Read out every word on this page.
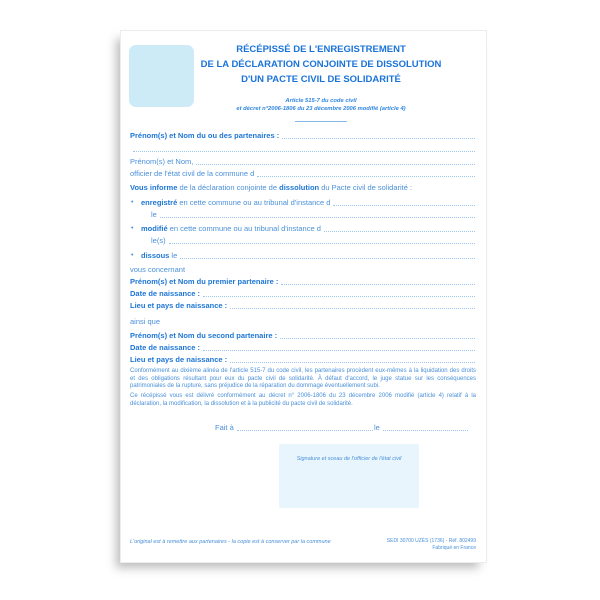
RÉCÉPISSÉ DE L'ENREGISTREMENT
DE LA DÉCLARATION CONJOINTE DE DISSOLUTION
D'UN PACTE CIVIL DE SOLIDARITÉ
Article 515-7 du code civil
et décret n°2006-1806 du 23 décembre 2006 modifié (article 4)
Prénom(s) et Nom du ou des partenaires :
Prénom(s) et Nom,
officier de l'état civil de la commune d
Vous informe de la déclaration conjointe de dissolution du Pacte civil de solidarité :
•	enregistré en cette commune ou au tribunal d'instance d
le
•	modifié en cette commune ou au tribunal d'instance d
le(s)
•	dissous le
vous concernant
Prénom(s) et Nom du premier partenaire :
Date de naissance :
Lieu et pays de naissance :
ainsi que
Prénom(s) et Nom du second partenaire :
Date de naissance :
Lieu et pays de naissance :
Conformément au dixième alinéa de l'article 515-7 du code civil, les partenaires procèdent eux-mêmes à la liquidation des droits et des obligations résultant pour eux du pacte civil de solidarité. À défaut d'accord, le juge statue sur les conséquences patrimoniales de la rupture, sans préjudice de la réparation du dommage éventuellement subi.
Ce récépissé vous est délivré conformément au décret n° 2006-1806 du 23 décembre 2006 modifié (article 4) relatif à la déclaration, la modification, la dissolution et à la publicité du pacte civil de solidarité.
Fait à	le
Signature et sceau de l'officier de l'état civil
L'original est à remettre aux partenaires - la copie est à conserver par la commune	SEDI 30700 UZÈS (1736) - Réf. 802499
Fabriqué en France
